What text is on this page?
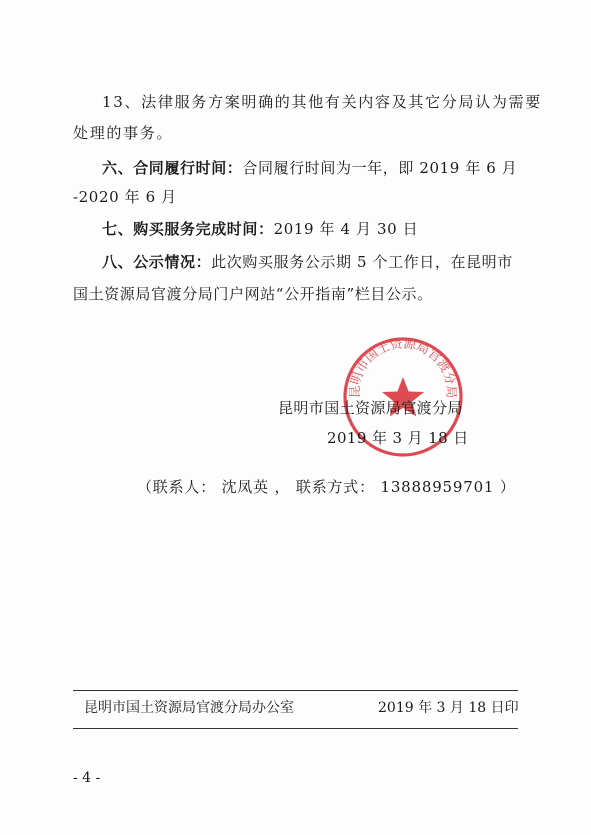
13、法律服务方案明确的其他有关内容及其它分局认为需要
处理的事务。
六、合同履行时间：合同履行时间为一年，即 2019 年 6 月
-2020 年 6 月
七、购买服务完成时间：2019 年 4 月 30 日
八、公示情况：此次购买服务公示期 5 个工作日，在昆明市
国土资源局官渡分局门户网站“公开指南”栏目公示。
昆明市国土资源局官渡分局
昆明市国土资源局官渡分局
2019 年 3 月 18 日
（联系人： 沈凤英 ， 联系方式： 13888959701 ）
昆明市国土资源局官渡分局办公室	2019 年 3 月 18 日印
- 4 -
